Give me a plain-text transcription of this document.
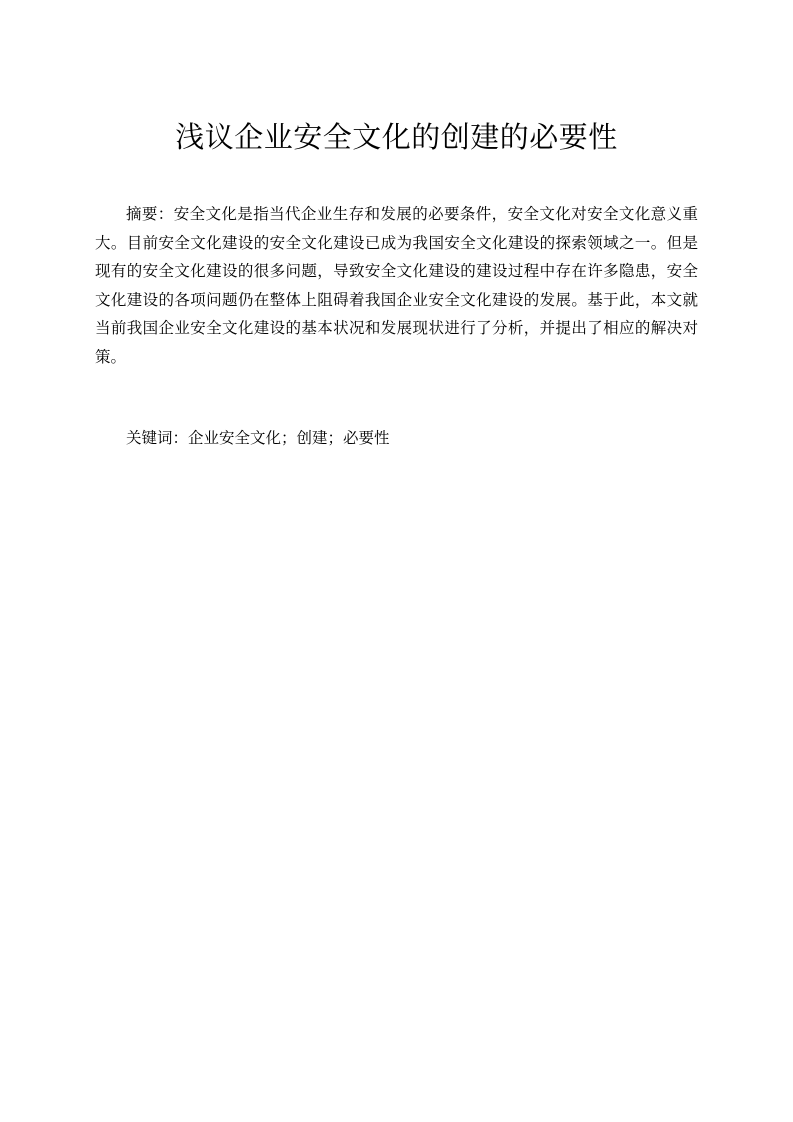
浅议企业安全文化的创建的必要性

摘要：安全文化是指当代企业生存和发展的必要条件，安全文化对安全文化意义重大。目前安全文化建设的安全文化建设已成为我国安全文化建设的探索领域之一。但是现有的安全文化建设的很多问题，导致安全文化建设的建设过程中存在许多隐患，安全文化建设的各项问题仍在整体上阻碍着我国企业安全文化建设的发展。基于此，本文就当前我国企业安全文化建设的基本状况和发展现状进行了分析，并提出了相应的解决对策。

关键词：企业安全文化；创建；必要性
